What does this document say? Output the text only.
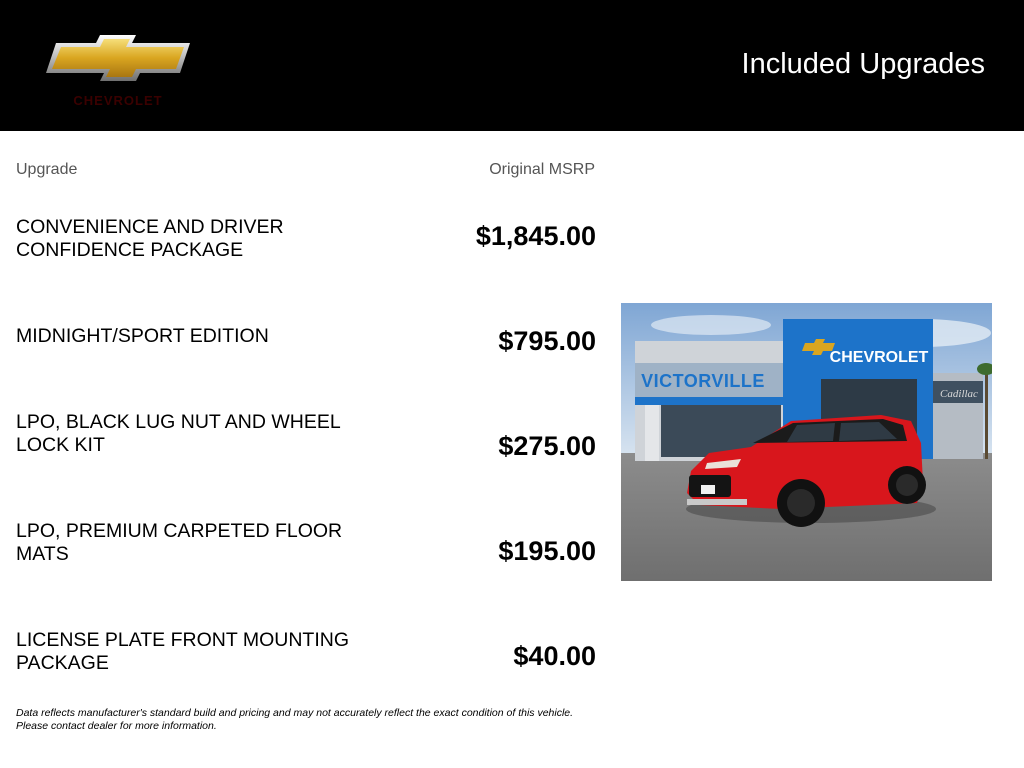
CHEVROLET
Included Upgrades
Upgrade	Original MSRP
CONVENIENCE AND DRIVER CONFIDENCE PACKAGE	$1,845.00
MIDNIGHT/SPORT EDITION	$795.00
LPO, BLACK LUG NUT AND WHEEL LOCK KIT	$275.00
LPO, PREMIUM CARPETED FLOOR MATS	$195.00
LICENSE PLATE FRONT MOUNTING PACKAGE	$40.00
VICTORVILLE
CHEVROLET
Cadillac
Data reflects manufacturer's standard build and pricing and may not accurately reflect the exact condition of this vehicle.
Please contact dealer for more information.
